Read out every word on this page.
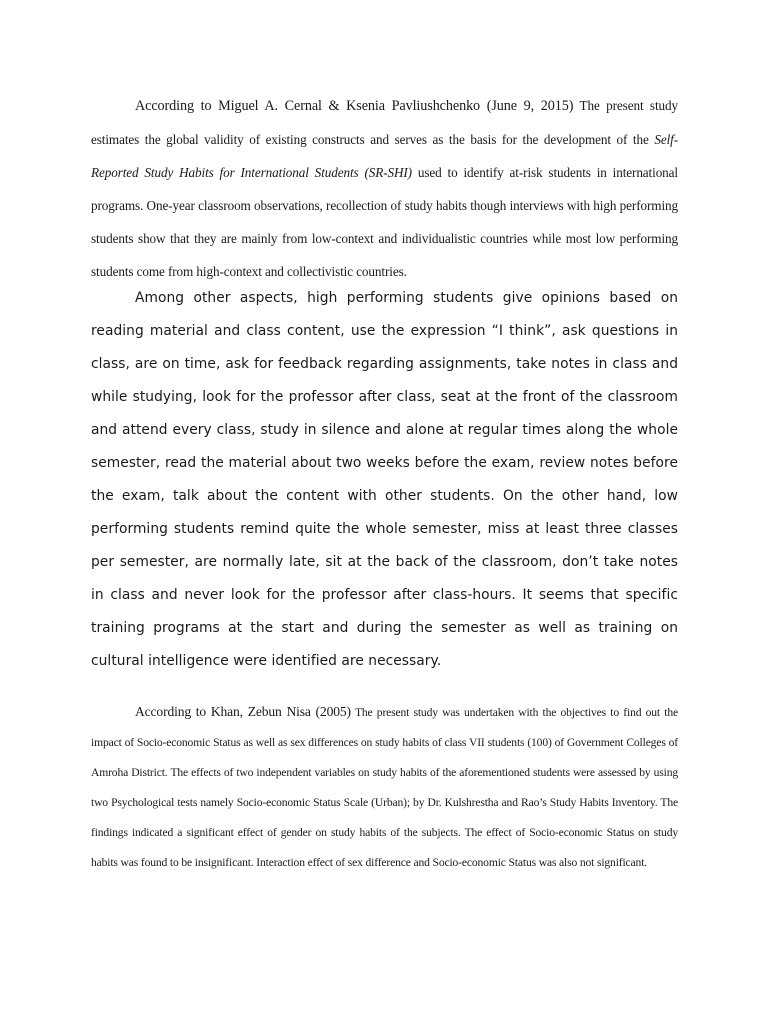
According to Miguel A. Cernal & Ksenia Pavliushchenko (June 9, 2015) The present study estimates the global validity of existing constructs and serves as the basis for the development of the Self-Reported Study Habits for International Students (SR-SHI) used to identify at-risk students in international programs. One-year classroom observations, recollection of study habits though interviews with high performing students show that they are mainly from low-context and individualistic countries while most low performing students come from high-context and collectivistic countries.

Among other aspects, high performing students give opinions based on reading material and class content, use the expression “I think”, ask questions in class, are on time, ask for feedback regarding assignments, take notes in class and while studying, look for the professor after class, seat at the front of the classroom and attend every class, study in silence and alone at regular times along the whole semester, read the material about two weeks before the exam, review notes before the exam, talk about the content with other students. On the other hand, low performing students remind quite the whole semester, miss at least three classes per semester, are normally late, sit at the back of the classroom, don’t take notes in class and never look for the professor after class-hours. It seems that specific training programs at the start and during the semester as well as training on cultural intelligence were identified are necessary.

According to Khan, Zebun Nisa (2005) The present study was undertaken with the objectives to find out the impact of Socio-economic Status as well as sex differences on study habits of class VII students (100) of Government Colleges of Amroha District. The effects of two independent variables on study habits of the aforementioned students were assessed by using two Psychological tests namely Socio-economic Status Scale (Urban); by Dr. Kulshrestha and Rao’s Study Habits Inventory. The findings indicated a significant effect of gender on study habits of the subjects. The effect of Socio-economic Status on study habits was found to be insignificant. Interaction effect of sex difference and Socio-economic Status was also not significant.
